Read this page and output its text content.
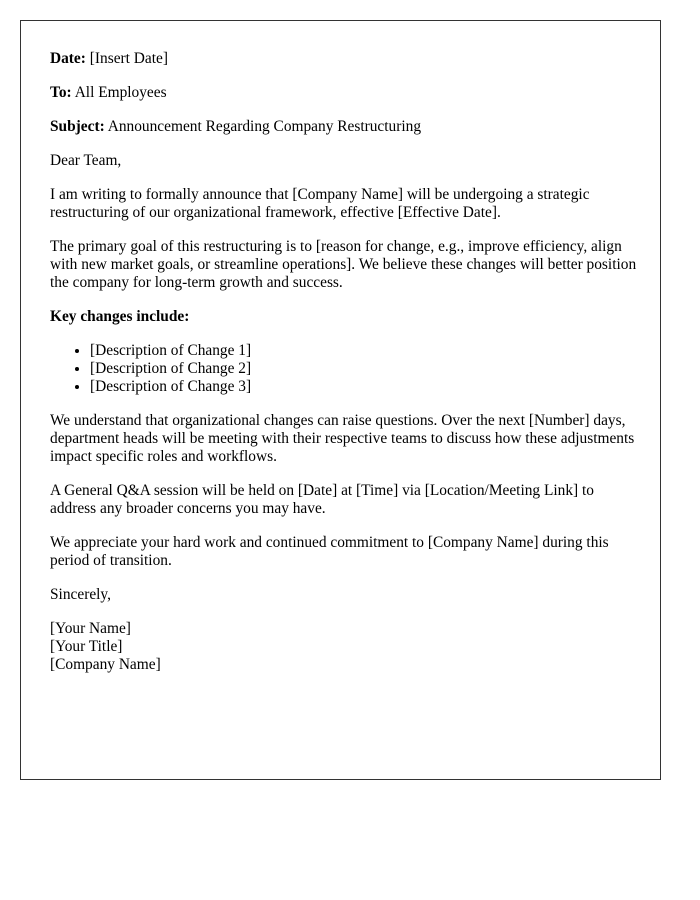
Date: [Insert Date]

To: All Employees

Subject: Announcement Regarding Company Restructuring

Dear Team,

I am writing to formally announce that [Company Name] will be undergoing a strategic restructuring of our organizational framework, effective [Effective Date].

The primary goal of this restructuring is to [reason for change, e.g., improve efficiency, align with new market goals, or streamline operations]. We believe these changes will better position the company for long-term growth and success.

Key changes include:

• [Description of Change 1]
• [Description of Change 2]
• [Description of Change 3]

We understand that organizational changes can raise questions. Over the next [Number] days, department heads will be meeting with their respective teams to discuss how these adjustments impact specific roles and workflows.

A General Q&A session will be held on [Date] at [Time] via [Location/Meeting Link] to address any broader concerns you may have.

We appreciate your hard work and continued commitment to [Company Name] during this period of transition.

Sincerely,

[Your Name]
[Your Title]
[Company Name]
